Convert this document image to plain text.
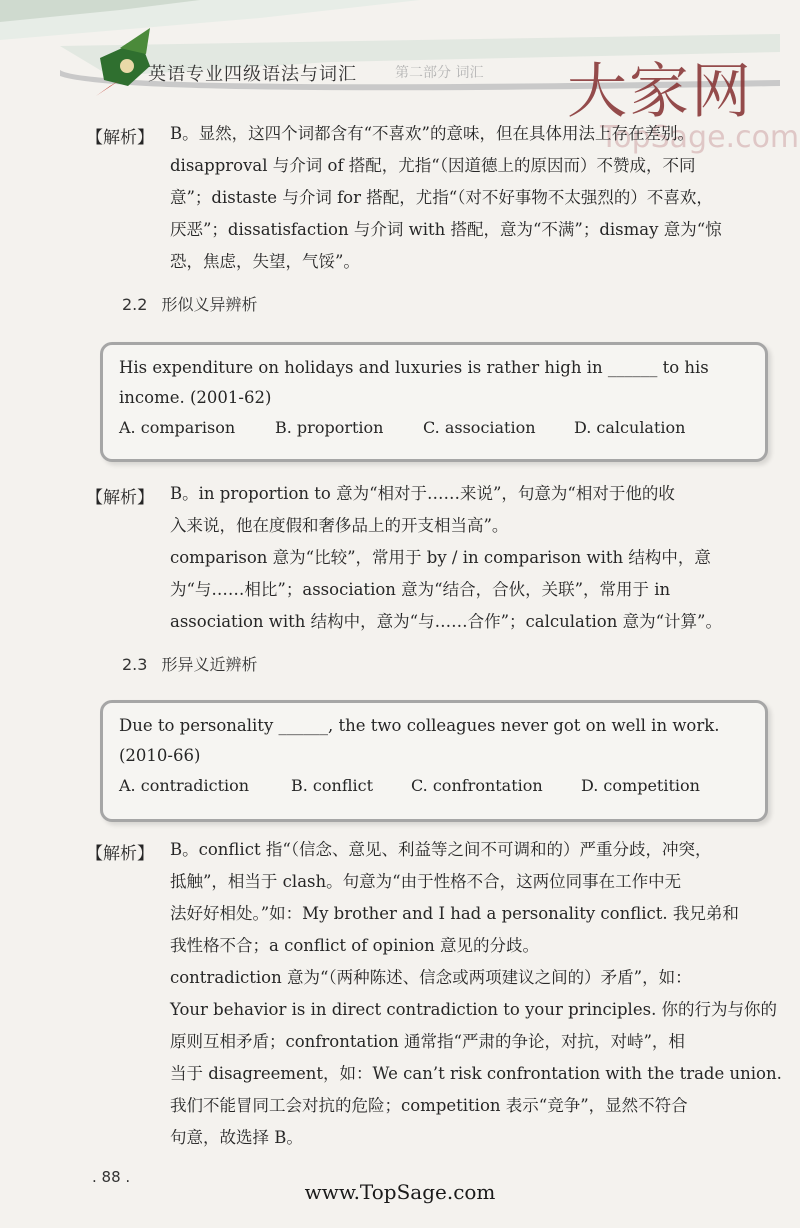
英语专业四级语法与词汇	第二部分 词汇 大家网
TopSage.com
【解析】 B。显然，这四个词都含有“不喜欢”的意味，但在具体用法上存在差别。
disapproval 与介词 of 搭配，尤指“（因道德上的原因而）不赞成，不同
意”；distaste 与介词 for 搭配，尤指“（对不好事物不太强烈的）不喜欢，
厌恶”；dissatisfaction 与介词 with 搭配，意为“不满”；dismay 意为“惊
恐，焦虑，失望，气馁”。
2.2 形似义异辨析
His expenditure on holidays and luxuries is rather high in ______ to his
income. (2001-62)
A. comparison	B. proportion	C. association	D. calculation
【解析】 B。in proportion to 意为“相对于……来说”，句意为“相对于他的收
入来说，他在度假和奢侈品上的开支相当高”。
comparison 意为“比较”，常用于 by / in comparison with 结构中，意
为“与……相比”；association 意为“结合，合伙，关联”，常用于 in
association with 结构中，意为“与……合作”；calculation 意为“计算”。
2.3 形异义近辨析
Due to personality ______, the two colleagues never got on well in work.
(2010-66)
A. contradiction	B. conflict	C. confrontation	D. competition
【解析】 B。conflict 指“（信念、意见、利益等之间不可调和的）严重分歧，冲突，
抵触”，相当于 clash。句意为“由于性格不合，这两位同事在工作中无
法好好相处。”如：My brother and I had a personality conflict. 我兄弟和
我性格不合；a conflict of opinion 意见的分歧。
contradiction 意为“（两种陈述、信念或两项建议之间的）矛盾”，如：
Your behavior is in direct contradiction to your principles. 你的行为与你的
原则互相矛盾；confrontation 通常指“严肃的争论，对抗，对峙”，相
当于 disagreement，如：We can’t risk confrontation with the trade union.
我们不能冒同工会对抗的危险；competition 表示“竞争”，显然不符合
句意，故选择 B。
. 88 .
www.TopSage.com
